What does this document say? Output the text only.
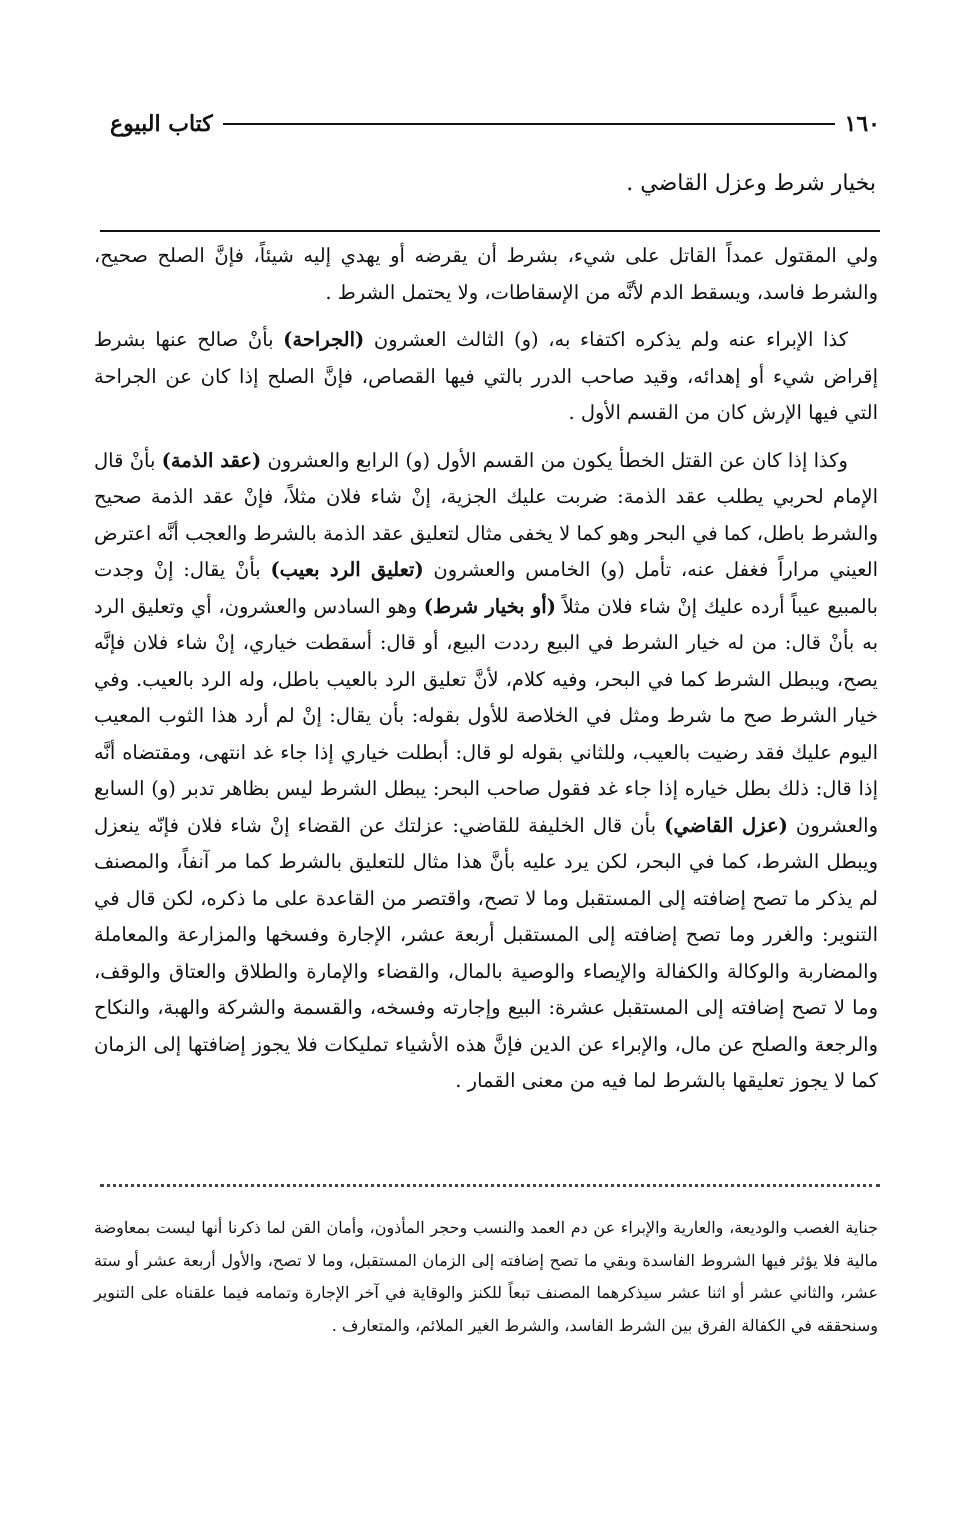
١٦٠
كتاب البيوع
بخيار شرط وعزل القاضي .

ولي المقتول عمداً القاتل على شيء، بشرط أن يقرضه أو يهدي إليه شيئاً، فإنَّ الصلح صحيح، والشرط فاسد، ويسقط الدم لأنَّه من الإسقاطات، ولا يحتمل الشرط .

كذا الإبراء عنه ولم يذكره اكتفاء به، (و) الثالث العشرون (الجراحة) بأنْ صالح عنها بشرط إقراض شيء أو إهدائه، وقيد صاحب الدرر بالتي فيها القصاص، فإنَّ الصلح إذا كان عن الجراحة التي فيها الإرش كان من القسم الأول .

وكذا إذا كان عن القتل الخطأ يكون من القسم الأول (و) الرابع والعشرون (عقد الذمة) بأنْ قال الإمام لحربي يطلب عقد الذمة: ضربت عليك الجزية، إنْ شاء فلان مثلاً، فإنْ عقد الذمة صحيح والشرط باطل، كما في البحر وهو كما لا يخفى مثال لتعليق عقد الذمة بالشرط والعجب أنَّه اعترض العيني مراراً فغفل عنه، تأمل (و) الخامس والعشرون (تعليق الرد بعيب) بأنْ يقال: إنْ وجدت بالمبيع عيباً أرده عليك إنْ شاء فلان مثلاً (أو بخيار شرط) وهو السادس والعشرون، أي وتعليق الرد به بأنْ قال: من له خيار الشرط في البيع رددت البيع، أو قال: أسقطت خياري، إنْ شاء فلان فإنَّه يصح، ويبطل الشرط كما في البحر، وفيه كلام، لأنَّ تعليق الرد بالعيب باطل، وله الرد بالعيب. وفي خيار الشرط صح ما شرط ومثل في الخلاصة للأول بقوله: بأن يقال: إنْ لم أرد هذا الثوب المعيب اليوم عليك فقد رضيت بالعيب، وللثاني بقوله لو قال: أبطلت خياري إذا جاء غد انتهى، ومقتضاه أنَّه إذا قال: ذلك بطل خياره إذا جاء غد فقول صاحب البحر: يبطل الشرط ليس بظاهر تدبر (و) السابع والعشرون (عزل القاضي) بأن قال الخليفة للقاضي: عزلتك عن القضاء إنْ شاء فلان فإنّه ينعزل ويبطل الشرط، كما في البحر، لكن يرد عليه بأنَّ هذا مثال للتعليق بالشرط كما مر آنفاً، والمصنف لم يذكر ما تصح إضافته إلى المستقبل وما لا تصح، واقتصر من القاعدة على ما ذكره، لكن قال في التنوير: والغرر وما تصح إضافته إلى المستقبل أربعة عشر، الإجارة وفسخها والمزارعة والمعاملة والمضاربة والوكالة والكفالة والإيصاء والوصية بالمال، والقضاء والإمارة والطلاق والعتاق والوقف، وما لا تصح إضافته إلى المستقبل عشرة: البيع وإجارته وفسخه، والقسمة والشركة والهبة، والنكاح والرجعة والصلح عن مال، والإبراء عن الدين فإنَّ هذه الأشياء تمليكات فلا يجوز إضافتها إلى الزمان كما لا يجوز تعليقها بالشرط لما فيه من معنى القمار .

جناية الغصب والوديعة، والعارية والإبراء عن دم العمد والنسب وحجر المأذون، وأمان القن لما ذكرنا أنها ليست بمعاوضة مالية فلا يؤثر فيها الشروط الفاسدة وبقي ما تصح إضافته إلى الزمان المستقبل، وما لا تصح، والأول أربعة عشر أو ستة عشر، والثاني عشر أو اثنا عشر سيذكرهما المصنف تبعاً للكنز والوقاية في آخر الإجارة وتمامه فيما علقناه على التنوير وسنحققه في الكفالة الفرق بين الشرط الفاسد، والشرط الغير الملائم، والمتعارف .
